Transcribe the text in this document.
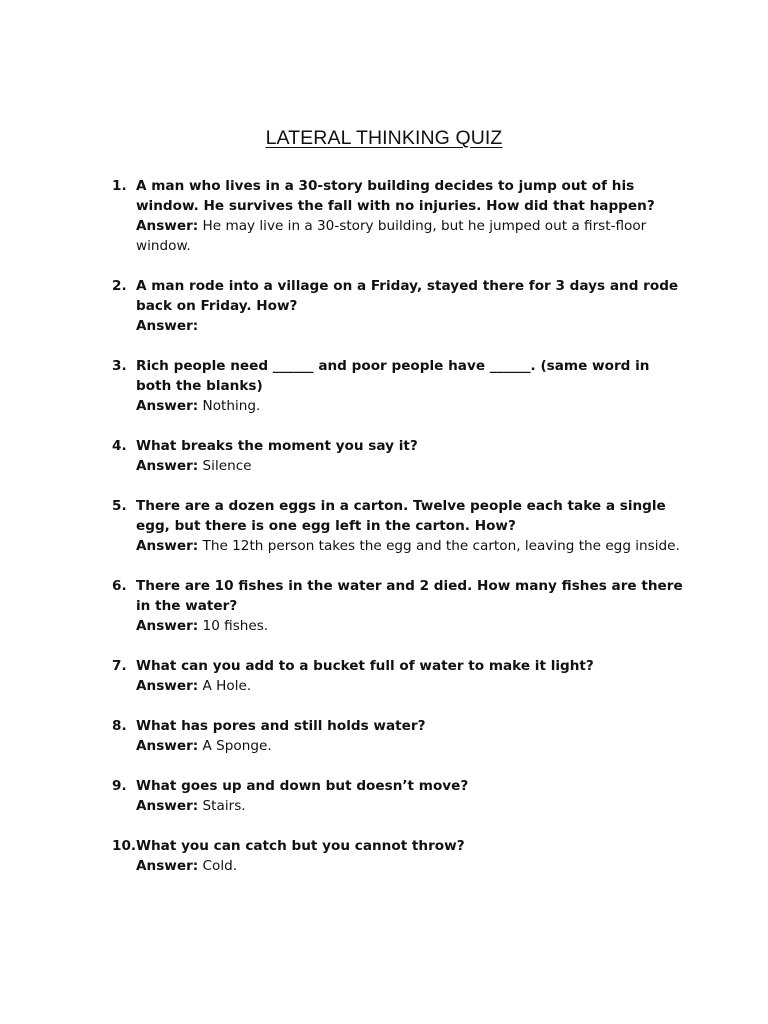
LATERAL THINKING QUIZ
1. A man who lives in a 30-story building decides to jump out of his window. He survives the fall with no injuries. How did that happen?
Answer: He may live in a 30-story building, but he jumped out a first-floor window.
2. A man rode into a village on a Friday, stayed there for 3 days and rode back on Friday. How?
Answer:
3. Rich people need ______ and poor people have ______. (same word in both the blanks)
Answer: Nothing.
4. What breaks the moment you say it?
Answer: Silence
5. There are a dozen eggs in a carton. Twelve people each take a single egg, but there is one egg left in the carton. How?
Answer: The 12th person takes the egg and the carton, leaving the egg inside.
6. There are 10 fishes in the water and 2 died. How many fishes are there in the water?
Answer: 10 fishes.
7. What can you add to a bucket full of water to make it light?
Answer: A Hole.
8. What has pores and still holds water?
Answer: A Sponge.
9. What goes up and down but doesn’t move?
Answer: Stairs.
10. What you can catch but you cannot throw?
Answer: Cold.
